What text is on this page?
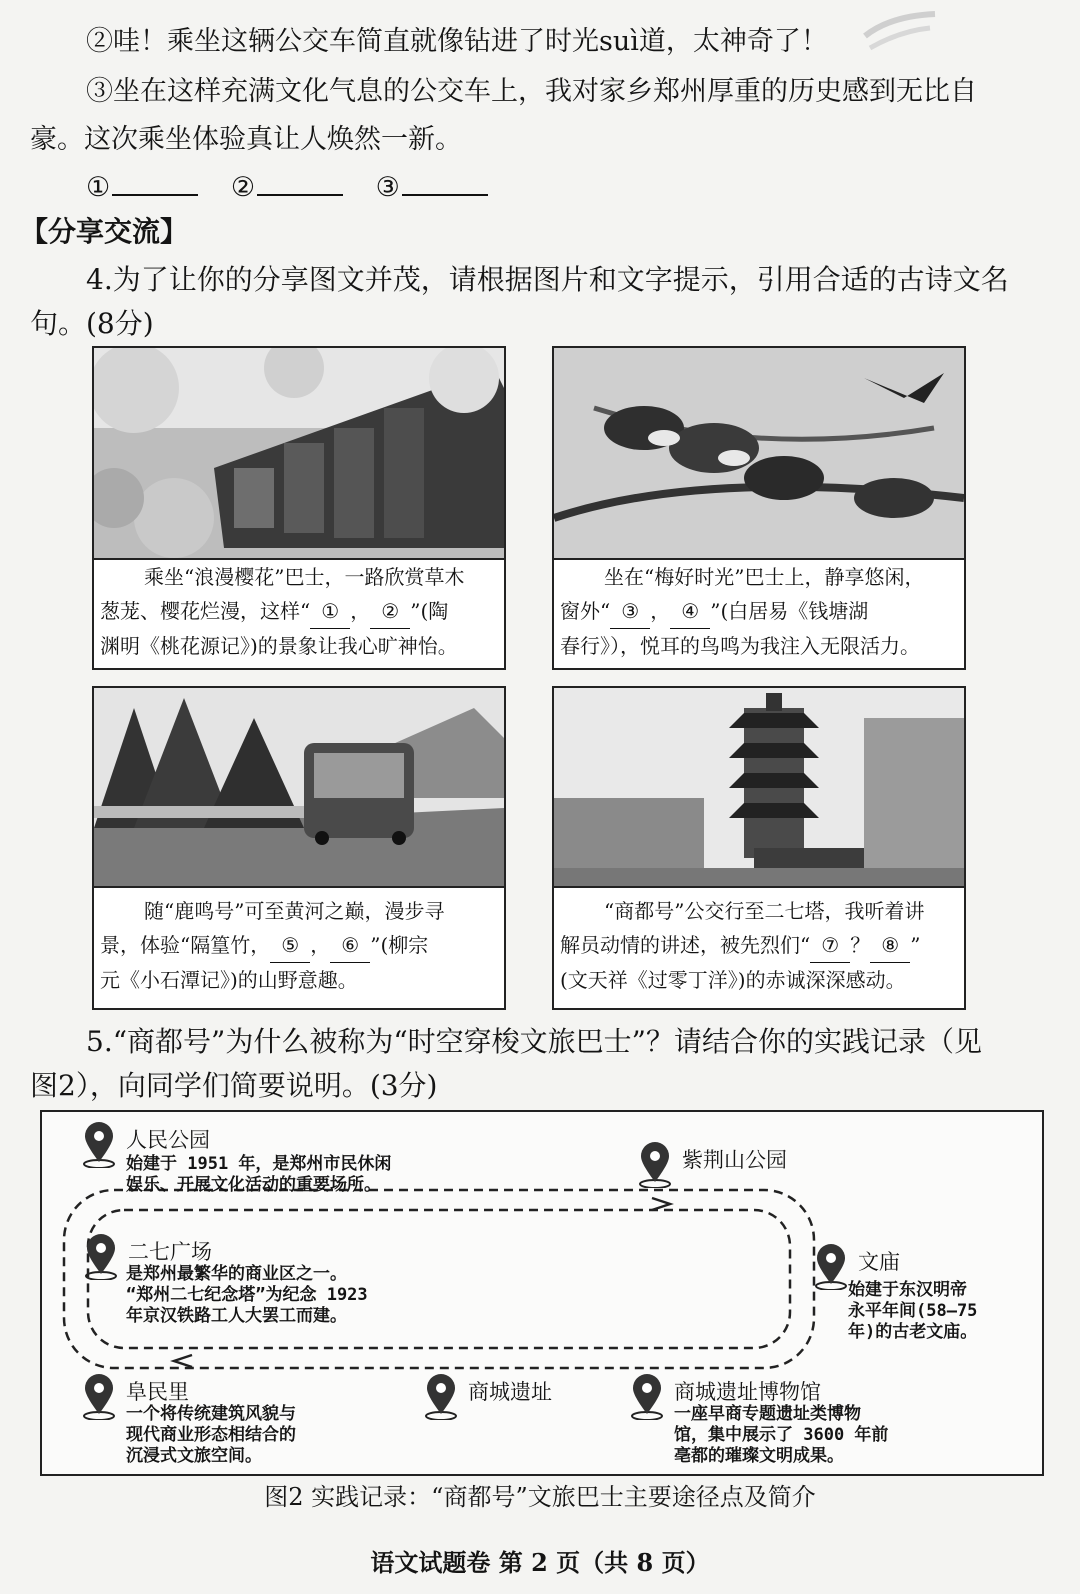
②哇！乘坐这辆公交车简直就像钻进了时光suì道，太神奇了！
③坐在这样充满文化气息的公交车上，我对家乡郑州厚重的历史感到无比自
豪。这次乘坐体验真让人焕然一新。
①	②	③
【分享交流】
4.为了让你的分享图文并茂，请根据图片和文字提示，引用合适的古诗文名
句。(8分)

乘坐“浪漫樱花”巴士，一路欣赏草木

葱茏、樱花烂漫，这样“ ① ， ② ”(陶

渊明《桃花源记》)的景象让我心旷神怡。

坐在“梅好时光”巴士上，静享悠闲，

窗外“ ③ ， ④ ”(白居易《钱塘湖

春行》），悦耳的鸟鸣为我注入无限活力。

随“鹿鸣号”可至黄河之巅，漫步寻

景，体验“隔篁竹， ⑤ ， ⑥ ”(柳宗

元《小石潭记》)的山野意趣。

“商都号”公交行至二七塔，我听着讲

解员动情的讲述，被先烈们“ ⑦ ？ ⑧ ”

(文天祥《过零丁洋》)的赤诚深深感动。

5.“商都号”为什么被称为“时空穿梭文旅巴士”？请结合你的实践记录（见
图2），向同学们简要说明。(3分)
人民公园

始建于 1951 年，是郑州市民休闲

娱乐、开展文化活动的重要场所。

紫荆山公园
二七广场

是郑州最繁华的商业区之一。

“郑州二七纪念塔”为纪念 1923

年京汉铁路工人大罢工而建。

文庙

始建于东汉明帝

永平年间(58—75

年)的古老文庙。

阜民里

一个将传统建筑风貌与

现代商业形态相结合的

沉浸式文旅空间。

商城遗址	商城遗址博物馆

一座早商专题遗址类博物

馆，集中展示了 3600 年前

亳都的璀璨文明成果。

图2 实践记录：“商都号”文旅巴士主要途径点及简介
语文试题卷 第 2 页（共 8 页）
